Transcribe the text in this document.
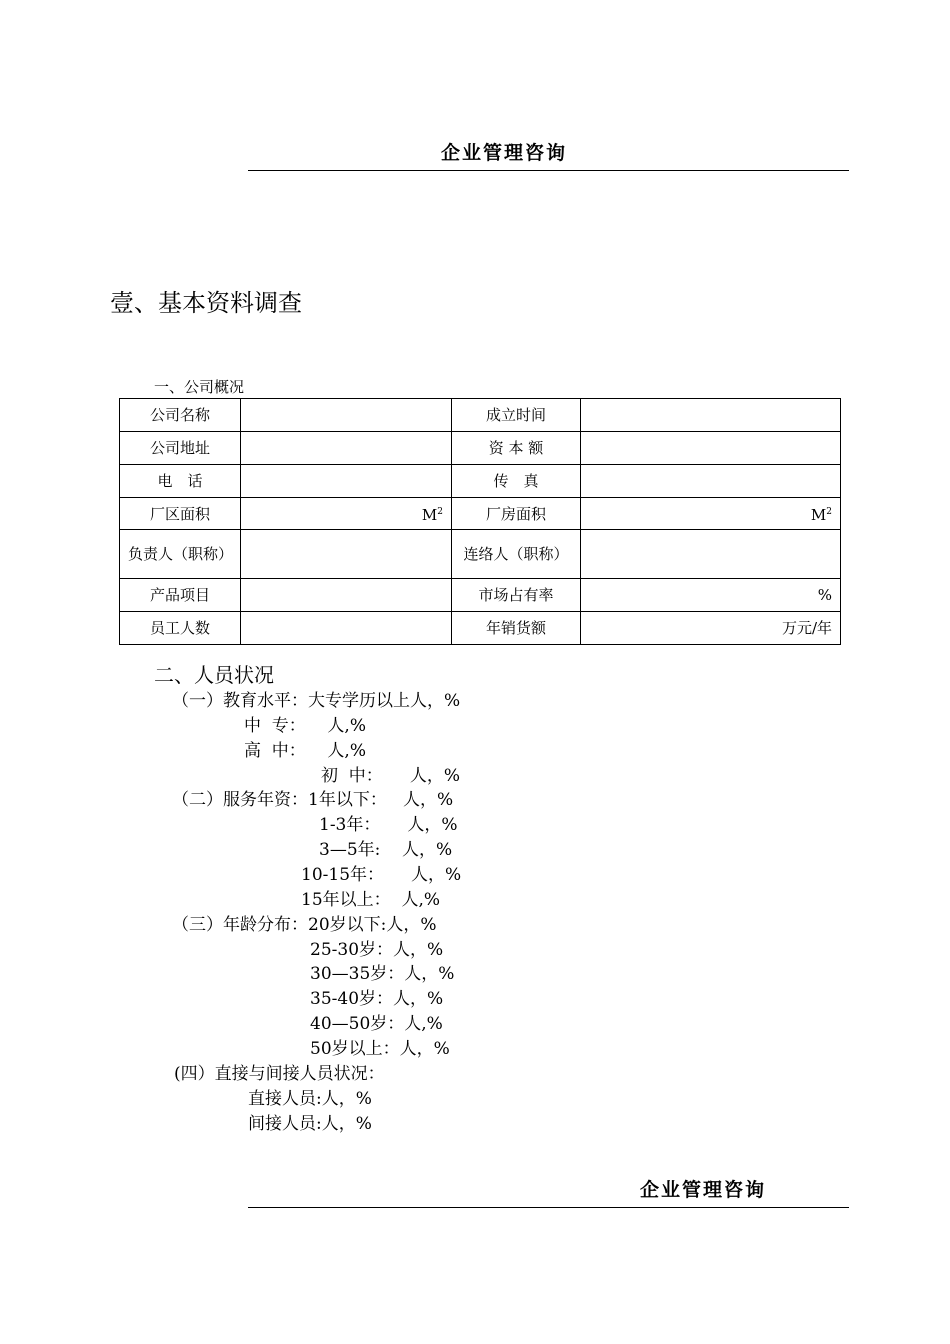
企业管理咨询
壹、基本资料调查
一、公司概况
公司名称		成立时间	
公司地址		资 本 额	
电　话		传　真	
厂区面积	$M^2$	厂房面积	$M^2$
负责人（职称）		连络人（职称）	
产品项目		市场占有率	%
员工人数		年销货额	万元/年
二、人员状况
（一）教育水平：大专学历以上人，%
中  专：    人,%
高  中：    人,%
初  中：     人，%
（二）服务年资：1年以下：   人，%
1-3年：     人，%
3—5年:    人，%
10-15年：     人，%
15年以上：  人,%
（三）年龄分布：20岁以下:人，%
25-30岁：人，%
30—35岁：人，%
35-40岁：人，%
40—50岁：人,%
50岁以上：人，%
(四）直接与间接人员状况：
直接人员:人，%
间接人员:人，%
企业管理咨询
